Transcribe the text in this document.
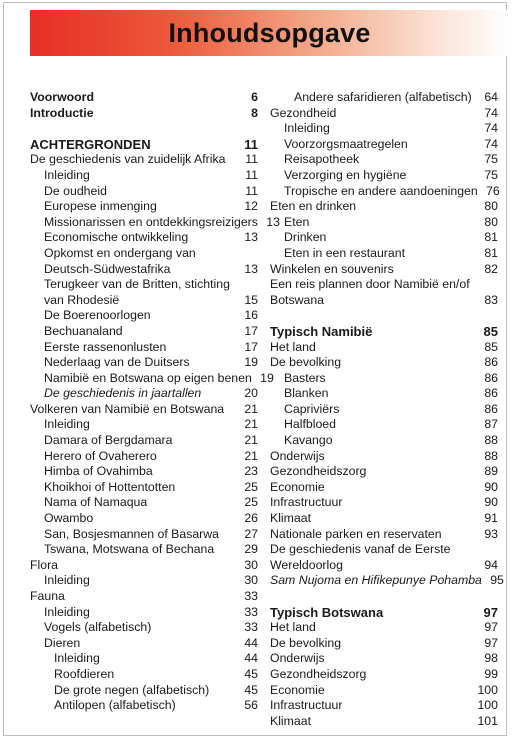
Inhoudsopgave
Voorwoord	6
Introductie	8
ACHTERGRONDEN	11
De geschiedenis van zuidelijk Afrika	11
Inleiding	11
De oudheid	11
Europese inmenging	12
Missionarissen en ontdekkingsreizigers 13
Economische ontwikkeling	13
Opkomst en ondergang van Deutsch-Südwestafrika	13
Terugkeer van de Britten, stichting van Rhodesië	15
De Boerenoorlogen	16
Bechuanaland	17
Eerste rassenonlusten	17
Nederlaag van de Duitsers	19
Namibië en Botswana op eigen benen 19
De geschiedenis in jaartallen	20
Volkeren van Namibië en Botswana	21
Inleiding	21
Damara of Bergdamara	21
Herero of Ovaherero	21
Himba of Ovahimba	23
Khoikhoi of Hottentotten	25
Nama of Namaqua	25
Owambo	26
San, Bosjesmannen of Basarwa	27
Tswana, Motswana of Bechana	29
Flora	30
Inleiding	30
Fauna	33
Inleiding	33
Vogels (alfabetisch)	33
Dieren	44
Inleiding	44
Roofdieren	45
De grote negen (alfabetisch)	45
Antilopen (alfabetisch)	56
Andere safaridieren (alfabetisch)	64
Gezondheid	74
Inleiding	74
Voorzorgsmaatregelen	74
Reisapotheek	75
Verzorging en hygiëne	75
Tropische en andere aandoeningen 76
Eten en drinken	80
Eten	80
Drinken	81
Eten in een restaurant	81
Winkelen en souvenirs	82
Een reis plannen door Namibië en/of Botswana	83
Typisch Namibië	85
Het land	85
De bevolking	86
Basters	86
Blanken	86
Capriviërs	86
Halfbloed	87
Kavango	88
Onderwijs	88
Gezondheidszorg	89
Economie	90
Infrastructuur	90
Klimaat	91
Nationale parken en reservaten	93
De geschiedenis vanaf de Eerste Wereldoorlog	94
Sam Nujoma en Hifikepunye Pohamba 95
Typisch Botswana	97
Het land	97
De bevolking	97
Onderwijs	98
Gezondheidszorg	99
Economie	100
Infrastructuur	100
Klimaat	101
